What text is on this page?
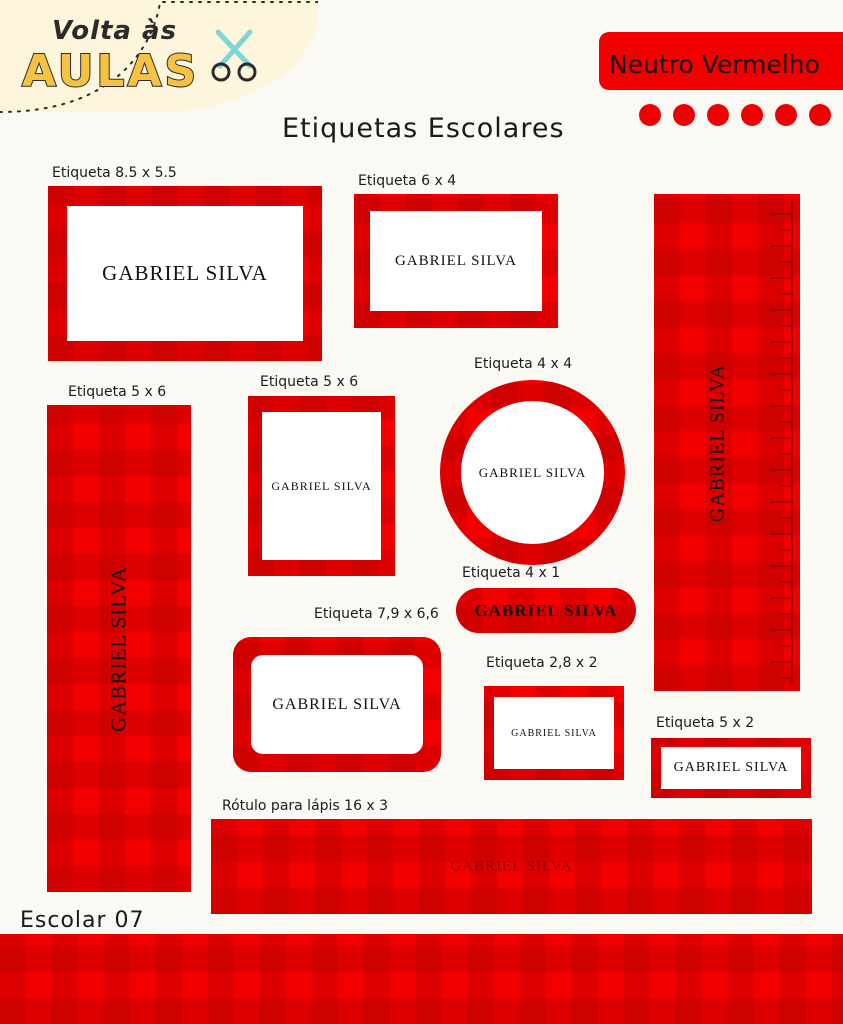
Volta às
AULAS	Neutro Vermelho
Etiquetas Escolares
Escolar 07
Etiqueta 8.5 x 5.5
GABRIEL SILVA
Etiqueta 6 x 4
GABRIEL SILVA
Etiqueta 5 x 6
GABRIEL SILVA
Etiqueta 5 x 6
GABRIEL SILVA
Etiqueta 4 x 4
GABRIEL SILVA
Etiqueta 4 x 1
GABRIEL SILVA
Etiqueta 7,9 x 6,6
GABRIEL SILVA
Etiqueta 2,8 x 2
GABRIEL SILVA
Etiqueta 5 x 2
GABRIEL SILVA
Rótulo para lápis 16 x 3
GABRIEL SILVA
GABRIEL SILVA
